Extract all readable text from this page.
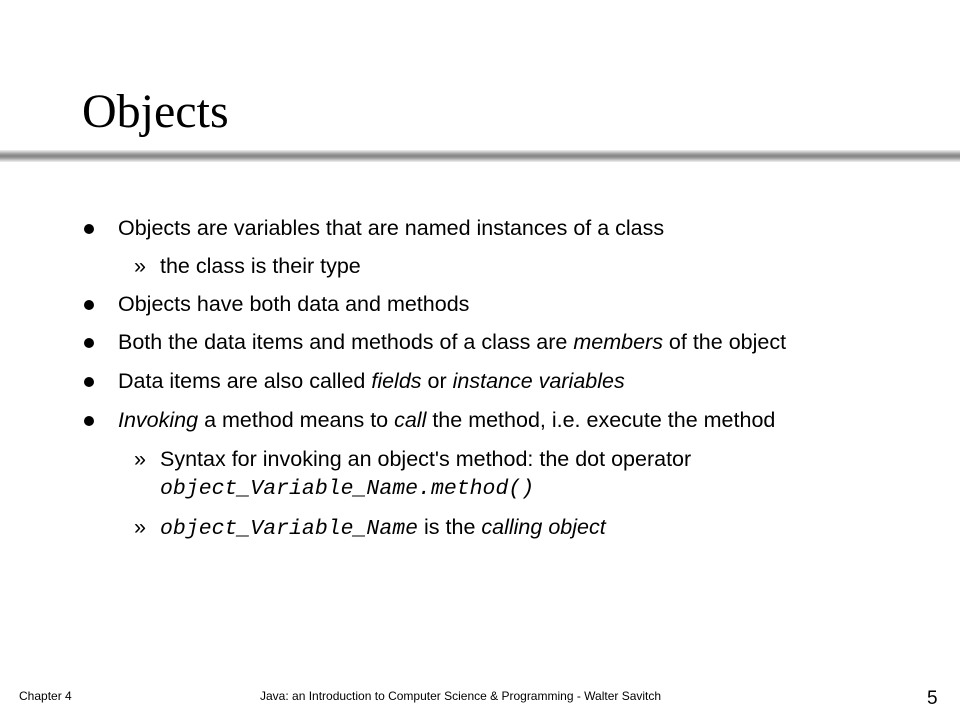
Objects
Objects are variables that are named instances of a class
» the class is their type
Objects have both data and methods
Both the data items and methods of a class are members of the object
Data items are also called fields or instance variables
Invoking a method means to call the method, i.e. execute the method
» Syntax for invoking an object's method: the dot operator
object_Variable_Name.method()
» object_Variable_Name is the calling object
Chapter 4	Java: an Introduction to Computer Science & Programming - Walter Savitch	5
